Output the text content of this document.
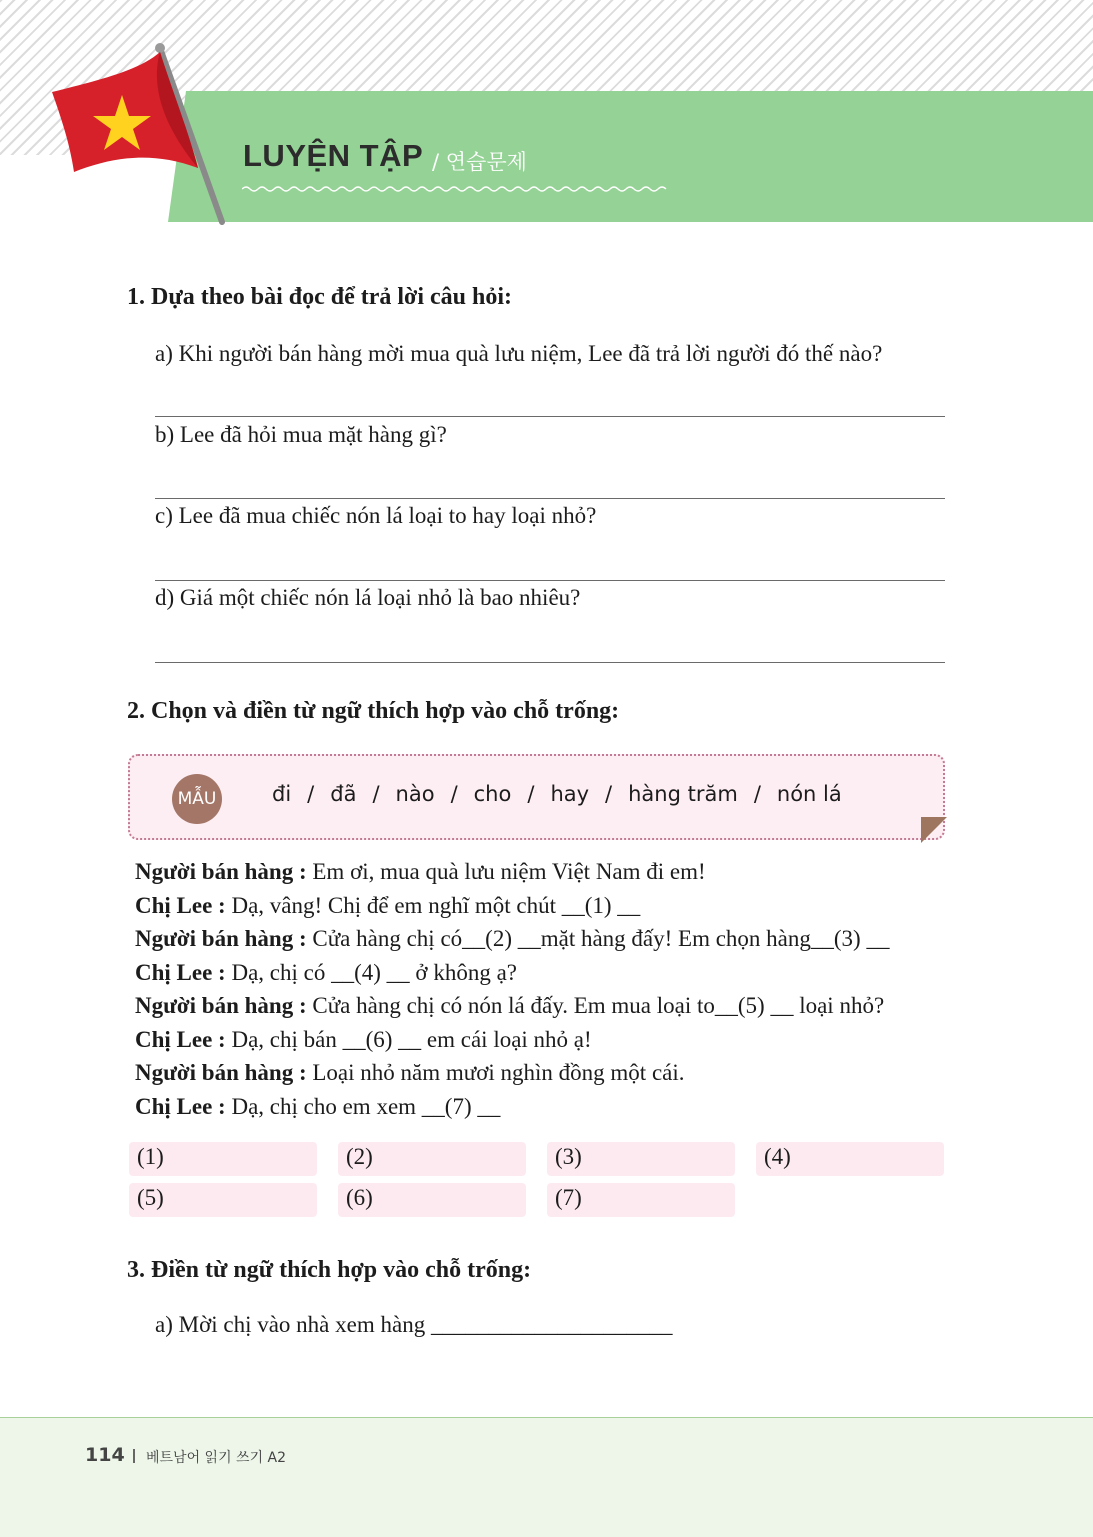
LUYỆN TẬP / 연습문제
1. Dựa theo bài đọc để trả lời câu hỏi:
a) Khi người bán hàng mời mua quà lưu niệm, Lee đã trả lời người đó thế nào?
b) Lee đã hỏi mua mặt hàng gì?
c) Lee đã mua chiếc nón lá loại to hay loại nhỏ?
d) Giá một chiếc nón lá loại nhỏ là bao nhiêu?
2. Chọn và điền từ ngữ thích hợp vào chỗ trống:
MẪU	đi / đã / nào / cho / hay / hàng trăm / nón lá
Người bán hàng : Em ơi, mua quà lưu niệm Việt Nam đi em!
Chị Lee : Dạ, vâng! Chị để em nghĩ một chút __(1) __
Người bán hàng : Cửa hàng chị có__(2) __mặt hàng đấy! Em chọn hàng__(3) __
Chị Lee : Dạ, chị có __(4) __ ở không ạ?
Người bán hàng : Cửa hàng chị có nón lá đấy. Em mua loại to__(5) __ loại nhỏ?
Chị Lee : Dạ, chị bán __(6) __ em cái loại nhỏ ạ!
Người bán hàng : Loại nhỏ năm mươi nghìn đồng một cái.
Chị Lee : Dạ, chị cho em xem __(7) __
(1)	(2)	(3)	(4)
(5)	(6)	(7)
3. Điền từ ngữ thích hợp vào chỗ trống:
a) Mời chị vào nhà xem hàng _____________________
114 베트남어 읽기 쓰기 A2
